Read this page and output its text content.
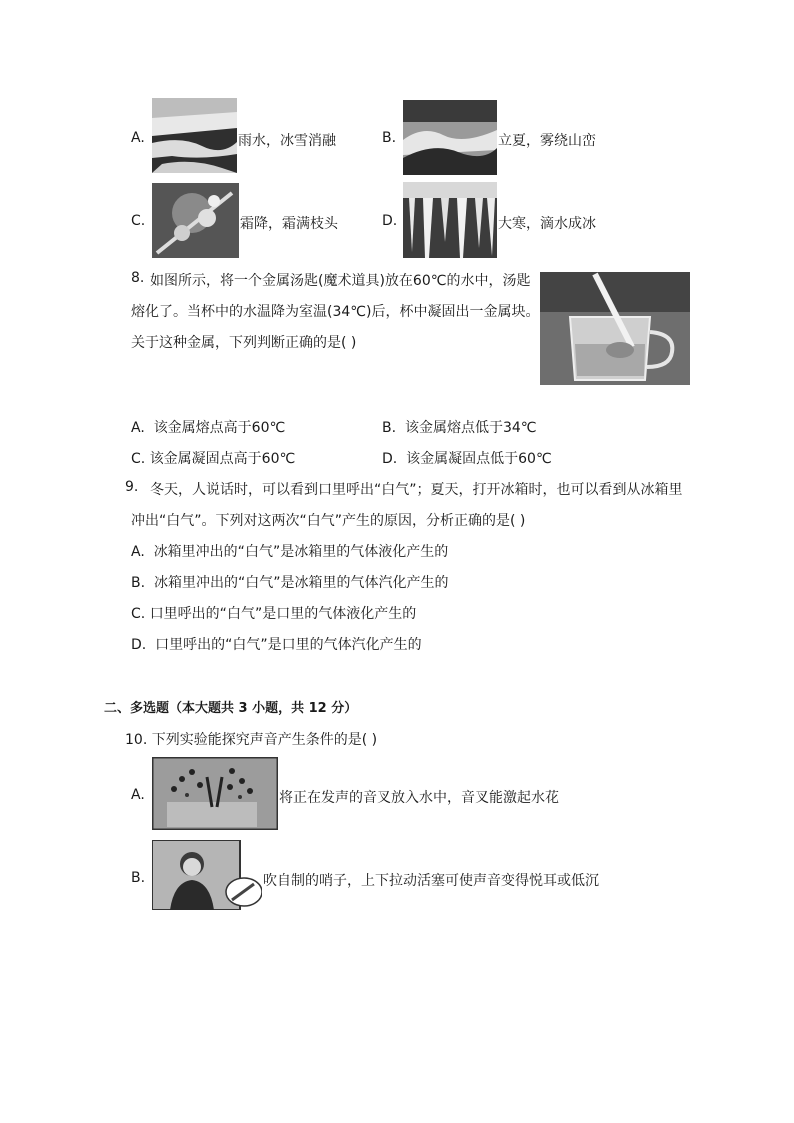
A.	雨水，冰雪消融	B.	立夏，雾绕山峦
C.	霜降，霜满枝头	D.	大寒，滴水成冰
8. 如图所示，将一个金属汤匙(魔术道具)放在60℃的水中，汤匙
熔化了。当杯中的水温降为室温(34℃)后，杯中凝固出一金属块。
关于这种金属，下列判断正确的是( )
A. 该金属熔点高于60℃	B. 该金属熔点低于34℃
C. 该金属凝固点高于60℃	D. 该金属凝固点低于60℃
9. 冬天，人说话时，可以看到口里呼出“白气”；夏天，打开冰箱时，也可以看到从冰箱里
冲出“白气”。下列对这两次“白气”产生的原因，分析正确的是( )
A. 冰箱里冲出的“白气”是冰箱里的气体液化产生的
B. 冰箱里冲出的“白气”是冰箱里的气体汽化产生的
C. 口里呼出的“白气”是口里的气体液化产生的
D. 口里呼出的“白气”是口里的气体汽化产生的
二、多选题（本大题共 3 小题，共 12 分）
10. 下列实验能探究声音产生条件的是( )
A.	将正在发声的音叉放入水中，音叉能激起水花
B.	吹自制的哨子，上下拉动活塞可使声音变得悦耳或低沉
